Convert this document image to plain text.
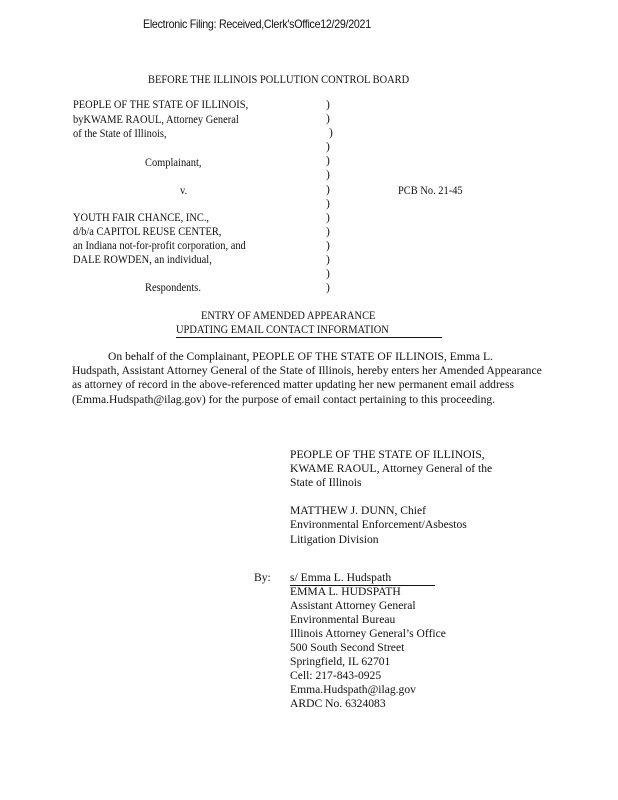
Electronic Filing: Received,Clerk'sOffice12/29/2021
BEFORE THE ILLINOIS POLLUTION CONTROL BOARD
PEOPLE OF THE STATE OF ILLINOIS,
byKWAME RAOUL, Attorney General
of the State of Illinois,
Complainant,
v.	PCB No. 21-45
YOUTH FAIR CHANCE, INC.,
d/b/a CAPITOL REUSE CENTER,
an Indiana not-for-profit corporation, and
DALE ROWDEN, an individual,
Respondents.
)
)
)
)
)
)
)
)
)
)
)
)
)
)
ENTRY OF AMENDED APPEARANCE
UPDATING EMAIL CONTACT INFORMATION
On behalf of the Complainant, PEOPLE OF THE STATE OF ILLINOIS, Emma L. Hudspath, Assistant Attorney General of the State of Illinois, hereby enters her Amended Appearance as attorney of record in the above-referenced matter updating her new permanent email address (Emma.Hudspath@ilag.gov) for the purpose of email contact pertaining to this proceeding.
PEOPLE OF THE STATE OF ILLINOIS,
KWAME RAOUL, Attorney General of the
State of Illinois
MATTHEW J. DUNN, Chief
Environmental Enforcement/Asbestos
Litigation Division
By: s/ Emma L. Hudspath
EMMA L. HUDSPATH
Assistant Attorney General
Environmental Bureau
Illinois Attorney General’s Office
500 South Second Street
Springfield, IL 62701
Cell: 217-843-0925
Emma.Hudspath@ilag.gov
ARDC No. 6324083
